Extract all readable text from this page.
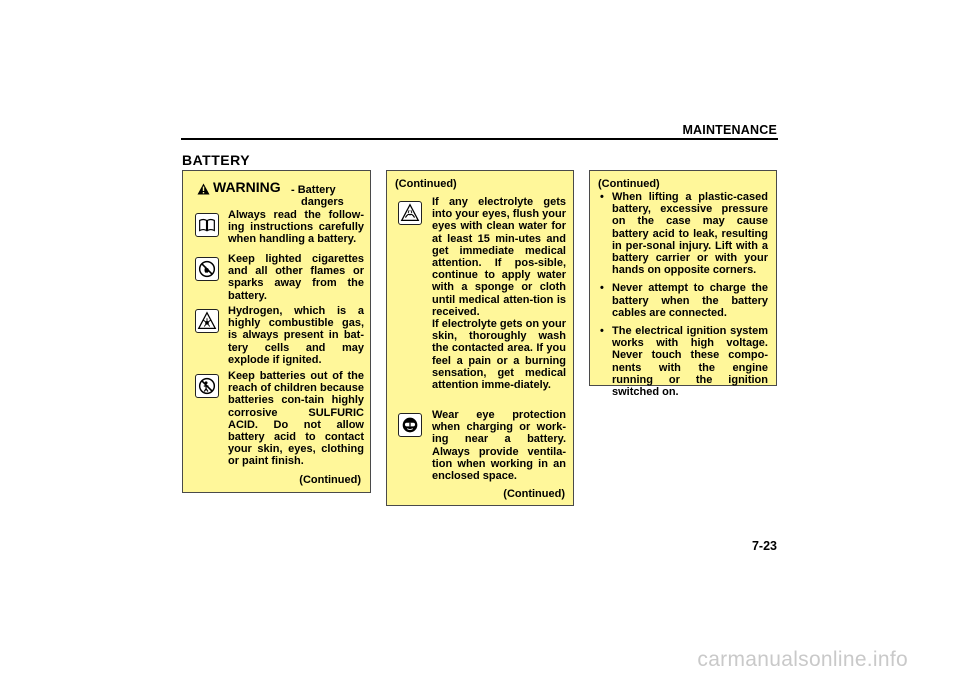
MAINTENANCE
BATTERY
WARNING - Battery
dangers
Always read the follow-ing instructions carefully when handling a battery.
Keep lighted cigarettes and all other flames or sparks away from the battery.
Hydrogen, which is a highly combustible gas, is always present in bat-tery cells and may explode if ignited.
Keep batteries out of the reach of children because batteries con-tain highly corrosive SULFURIC ACID. Do not allow battery acid to contact your skin, eyes, clothing or paint finish.
(Continued)
(Continued)
If any electrolyte gets into your eyes, flush your eyes with clean water for at least 15 min-utes and get immediate medical attention. If pos-sible, continue to apply water with a sponge or cloth until medical atten-tion is received.
If electrolyte gets on your skin, thoroughly wash the contacted area. If you feel a pain or a burning sensation, get medical attention imme-diately.
Wear eye protection when charging or work-ing near a battery. Always provide ventila-tion when working in an enclosed space.
(Continued)
(Continued)
• When lifting a plastic-cased battery, excessive pressure on the case may cause battery acid to leak, resulting in per-sonal injury. Lift with a battery carrier or with your hands on opposite corners.
• Never attempt to charge the battery when the battery cables are connected.
• The electrical ignition system works with high voltage. Never touch these compo-nents with the engine running or the ignition switched on.
7-23
carmanualsonline.info
